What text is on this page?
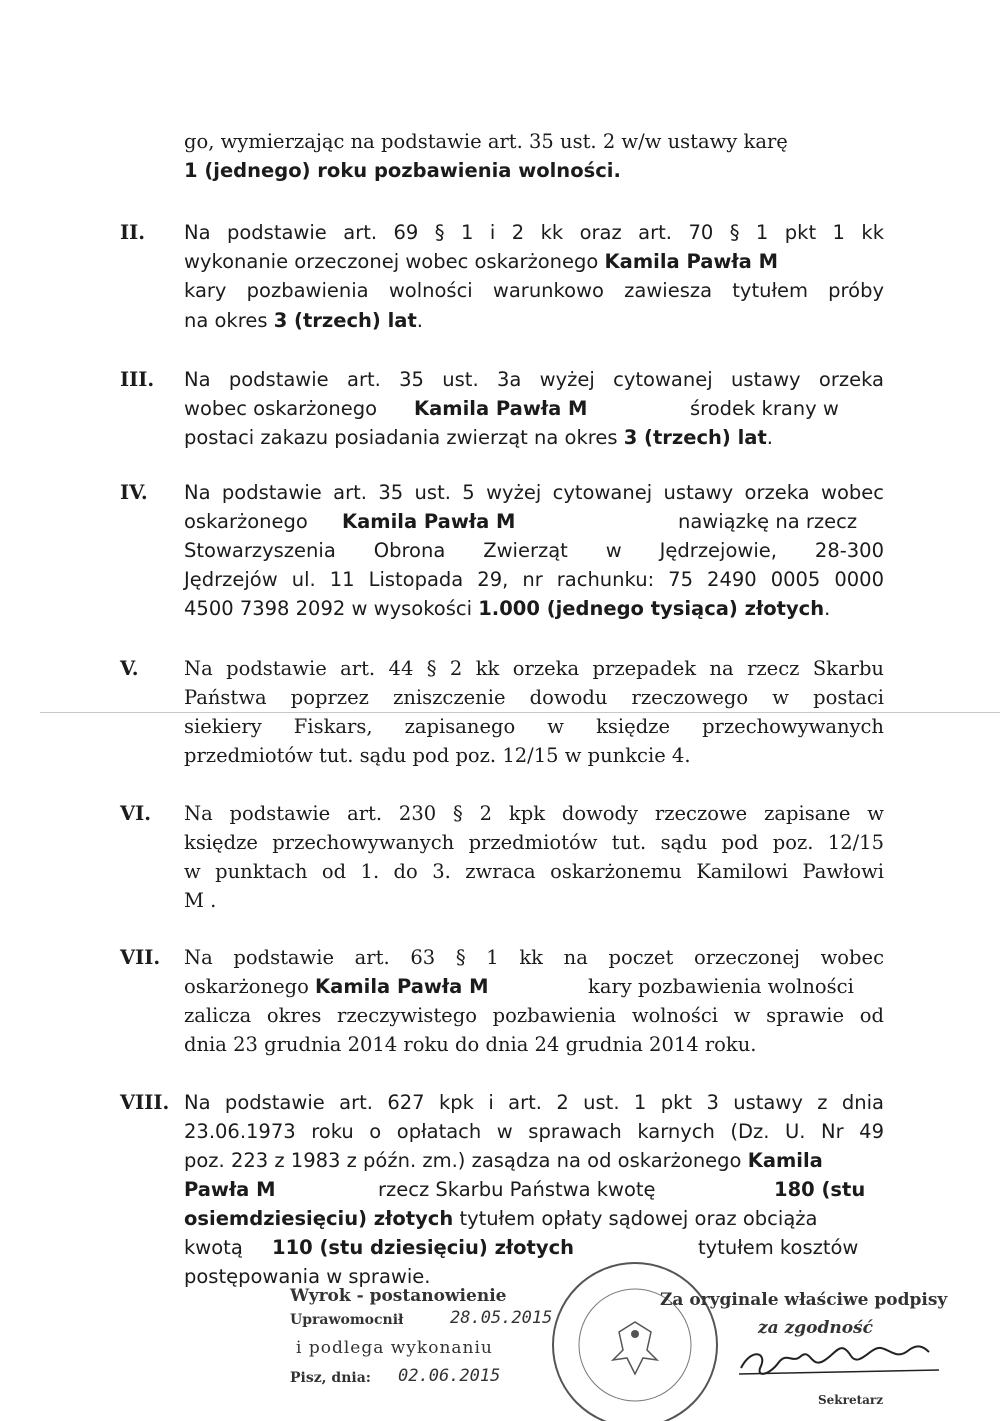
go, wymierzając na podstawie art. 35 ust. 2 w/w ustawy karę
1 (jednego) roku pozbawienia wolności.
II. Na podstawie art. 69 § 1 i 2 kk oraz art. 70 § 1 pkt 1 kk
wykonanie orzeczonej wobec oskarżonego Kamila Pawła M
kary pozbawienia wolności warunkowo zawiesza tytułem próby
na okres 3 (trzech) lat.
III. Na podstawie art. 35 ust. 3a wyżej cytowanej ustawy orzeka
wobec oskarżonego Kamila Pawła M	środek krany w
postaci zakazu posiadania zwierząt na okres 3 (trzech) lat.
IV. Na podstawie art. 35 ust. 5 wyżej cytowanej ustawy orzeka wobec
oskarżonego Kamila Pawła M	nawiązkę na rzecz
Stowarzyszenia Obrona Zwierząt w Jędrzejowie, 28-300
Jędrzejów ul. 11 Listopada 29, nr rachunku: 75 2490 0005 0000
4500 7398 2092 w wysokości 1.000 (jednego tysiąca) złotych.
V. Na podstawie art. 44 § 2 kk orzeka przepadek na rzecz Skarbu
Państwa poprzez zniszczenie dowodu rzeczowego w postaci
siekiery Fiskars, zapisanego w księdze przechowywanych
przedmiotów tut. sądu pod poz. 12/15 w punkcie 4.
VI. Na podstawie art. 230 § 2 kpk dowody rzeczowe zapisane w
księdze przechowywanych przedmiotów tut. sądu pod poz. 12/15
w punktach od 1. do 3. zwraca oskarżonemu Kamilowi Pawłowi
M .
VII. Na podstawie art. 63 § 1 kk na poczet orzeczonej wobec
oskarżonego Kamila Pawła M	kary pozbawienia wolności
zalicza okres rzeczywistego pozbawienia wolności w sprawie od
dnia 23 grudnia 2014 roku do dnia 24 grudnia 2014 roku.
VIII. Na podstawie art. 627 kpk i art. 2 ust. 1 pkt 3 ustawy z dnia
23.06.1973 roku o opłatach w sprawach karnych (Dz. U. Nr 49
poz. 223 z 1983 z późn. zm.) zasądza na od oskarżonego Kamila
Pawła M	rzecz Skarbu Państwa kwotę	180 (stu
osiemdziesięciu) złotych tytułem opłaty sądowej oraz obciąża
kwotą 110 (stu dziesięciu) złotych	tytułem kosztów
postępowania w sprawie.
Wyrok - postanowienie
Uprawomocnił	28.05.2015
i podlega wykonaniu
Pisz, dnia: 02.06.2015
Za oryginale właściwe podpisy
za zgodność
Sekretarz
